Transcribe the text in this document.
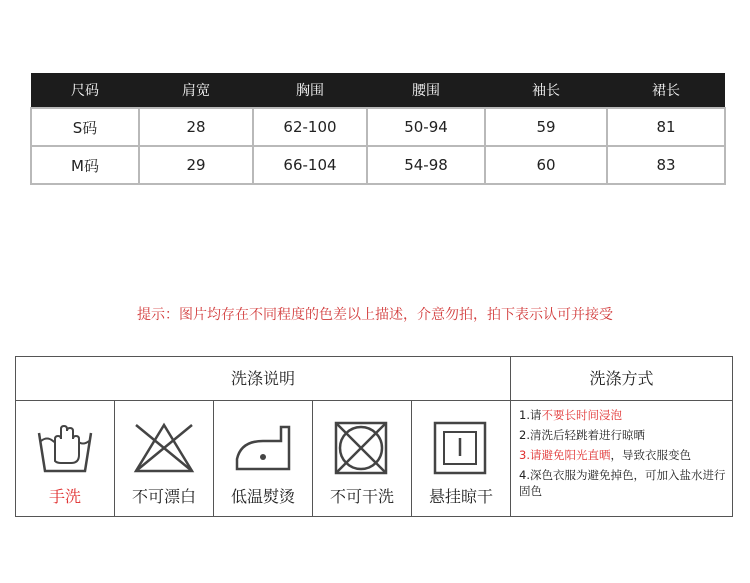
尺码	肩宽	胸围	腰围	袖长	裙长
S码	28	62-100	50-94	59	81
M码	29	66-104	54-98	60	83
提示：图片均存在不同程度的色差以上描述，介意勿拍，拍下表示认可并接受
洗涤说明	洗涤方式
手洗	不可漂白	低温熨烫	不可干洗	悬挂晾干
1.请不要长时间浸泡
2.清洗后轻跳着进行晾晒
3.请避免阳光直晒，导致衣服变色
4.深色衣服为避免掉色，可加入盐水进行固色
